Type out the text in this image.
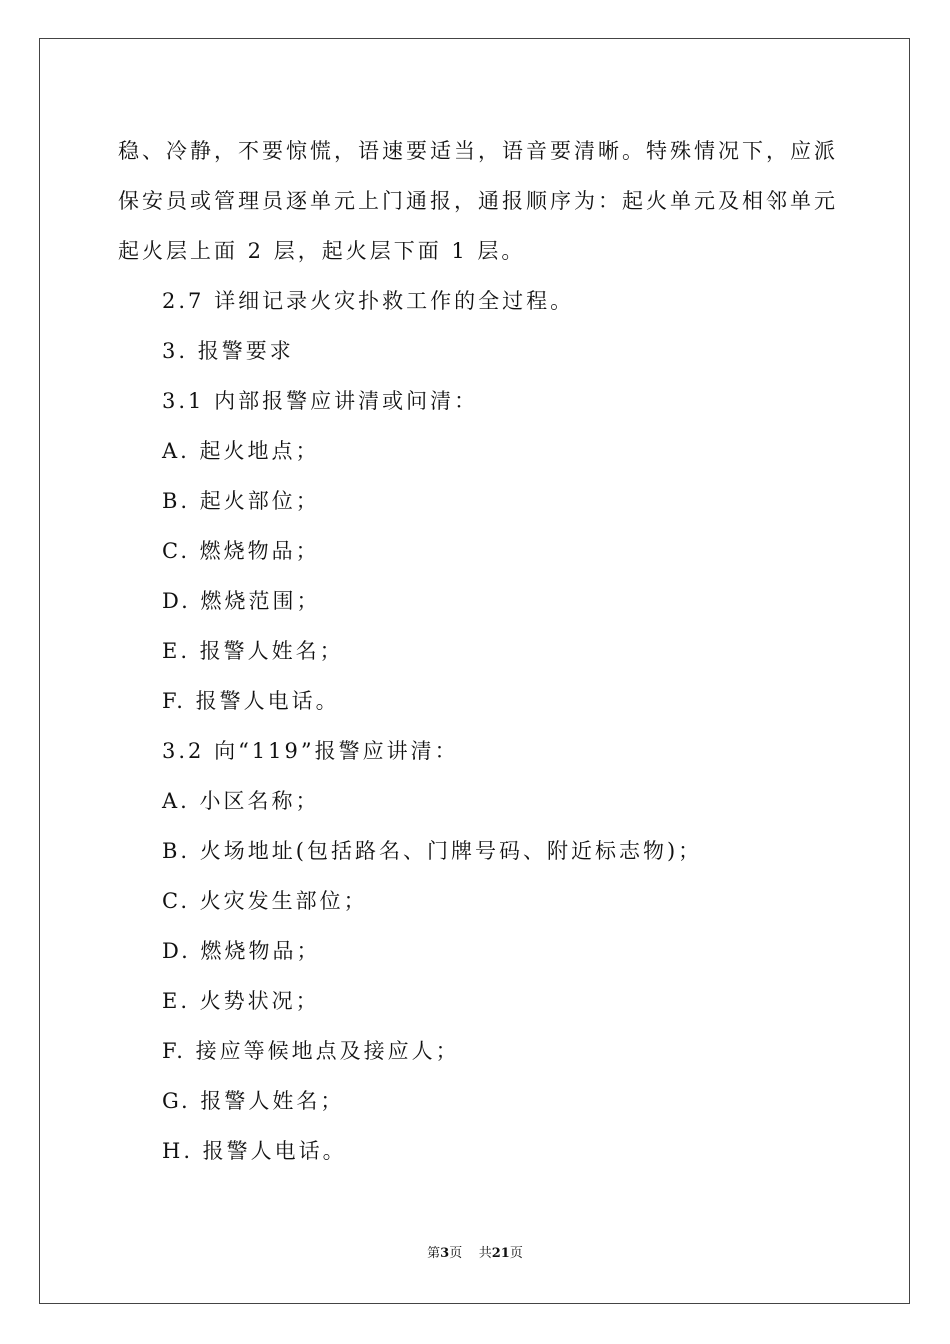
稳、冷静，不要惊慌，语速要适当，语音要清晰。特殊情况下，应派
保安员或管理员逐单元上门通报，通报顺序为：起火单元及相邻单元
起火层上面 2 层，起火层下面 1 层。
2.7 详细记录火灾扑救工作的全过程。
3. 报警要求
3.1 内部报警应讲清或问清：
A. 起火地点；
B. 起火部位；
C. 燃烧物品；
D. 燃烧范围；
E. 报警人姓名；
F. 报警人电话。
3.2 向“119”报警应讲清：
A. 小区名称；
B. 火场地址(包括路名、门牌号码、附近标志物)；
C. 火灾发生部位；
D. 燃烧物品；
E. 火势状况；
F. 接应等候地点及接应人；
G. 报警人姓名；
H. 报警人电话。
第3页 共21页
